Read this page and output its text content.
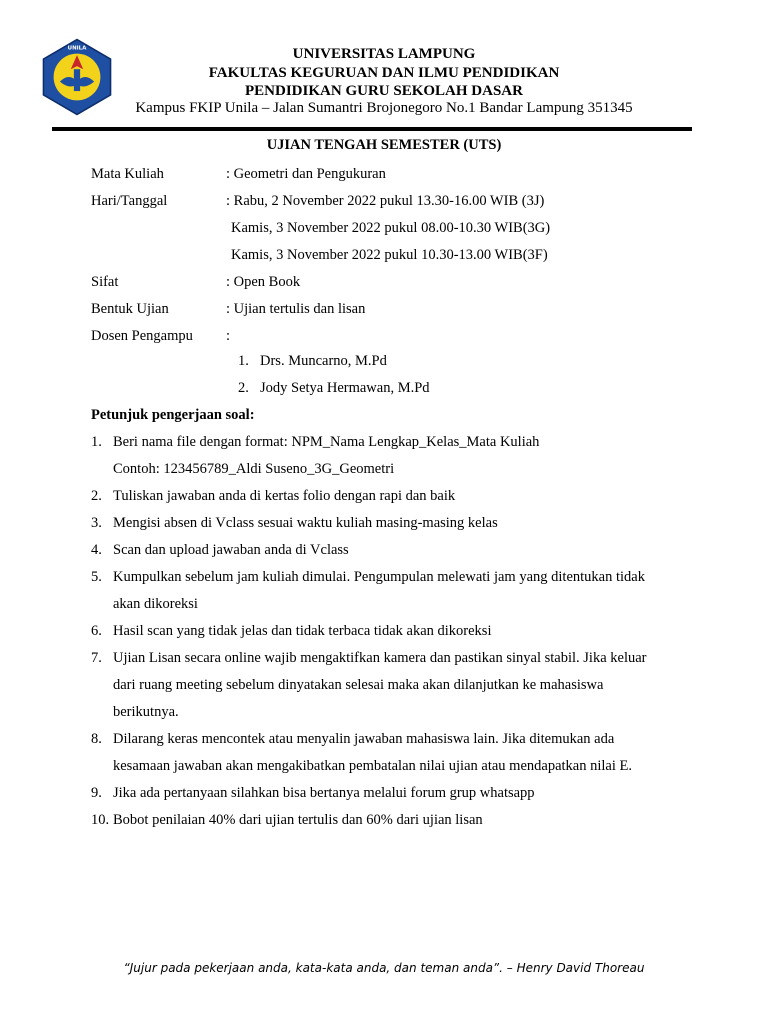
UNILA	UNIVERSITAS LAMPUNG
FAKULTAS KEGURUAN DAN ILMU PENDIDIKAN
PENDIDIKAN GURU SEKOLAH DASAR
Kampus FKIP Unila – Jalan Sumantri Brojonegoro No.1 Bandar Lampung 351345
UJIAN TENGAH SEMESTER (UTS)
Mata Kuliah	: Geometri dan Pengukuran
Hari/Tanggal	: Rabu, 2 November 2022 pukul 13.30-16.00 WIB (3J)
Kamis, 3 November 2022 pukul 08.00-10.30 WIB(3G)
Kamis, 3 November 2022 pukul 10.30-13.00 WIB(3F)
Sifat	: Open Book
Bentuk Ujian	: Ujian tertulis dan lisan
Dosen Pengampu :
1. Drs. Muncarno, M.Pd
2. Jody Setya Hermawan, M.Pd
Petunjuk pengerjaan soal:
1. Beri nama file dengan format: NPM_Nama Lengkap_Kelas_Mata Kuliah
Contoh: 123456789_Aldi Suseno_3G_Geometri
2. Tuliskan jawaban anda di kertas folio dengan rapi dan baik
3. Mengisi absen di Vclass sesuai waktu kuliah masing-masing kelas
4. Scan dan upload jawaban anda di Vclass
5. Kumpulkan sebelum jam kuliah dimulai. Pengumpulan melewati jam yang ditentukan tidak
akan dikoreksi
6. Hasil scan yang tidak jelas dan tidak terbaca tidak akan dikoreksi
7. Ujian Lisan secara online wajib mengaktifkan kamera dan pastikan sinyal stabil. Jika keluar
dari ruang meeting sebelum dinyatakan selesai maka akan dilanjutkan ke mahasiswa
berikutnya.
8. Dilarang keras mencontek atau menyalin jawaban mahasiswa lain. Jika ditemukan ada
kesamaan jawaban akan mengakibatkan pembatalan nilai ujian atau mendapatkan nilai E.
9. Jika ada pertanyaan silahkan bisa bertanya melalui forum grup whatsapp
10. Bobot penilaian 40% dari ujian tertulis dan 60% dari ujian lisan
“Jujur pada pekerjaan anda, kata-kata anda, dan teman anda”. – Henry David Thoreau
